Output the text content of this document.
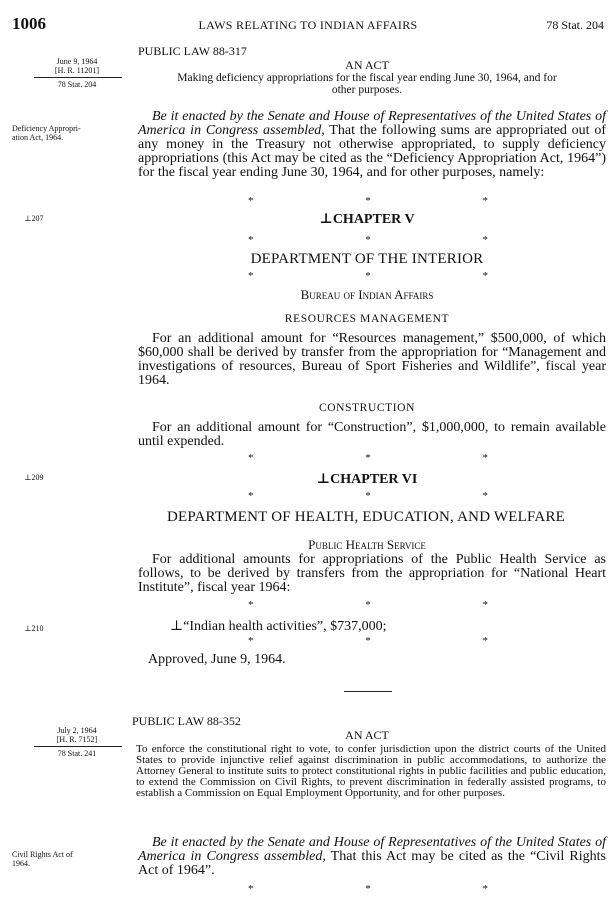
1006	LAWS RELATING TO INDIAN AFFAIRS	78 Stat. 204
June 9, 1964
[H. R. 11201]
78 Stat. 204
PUBLIC LAW 88-317
AN ACT
Making deficiency appropriations for the fiscal year ending June 30, 1964, and for
other purposes.
Deficiency Appropri-
ation Act, 1964.
Be it enacted by the Senate and House of Representatives of the United States of America in Congress assembled, That the following sums are appropriated out of any money in the Treasury not otherwise appropriated, to supply deficiency appropriations (this Act may be cited as the “Deficiency Appropriation Act, 1964”) for the fiscal year ending June 30, 1964, and for other purposes, namely:
*	*	*
⊥207	⊥CHAPTER V
*	*	*
DEPARTMENT OF THE INTERIOR
*	*	*
Bureau of Indian Affairs
RESOURCES MANAGEMENT
For an additional amount for “Resources management,” $500,000, of which $60,000 shall be derived by transfer from the appropriation for “Management and investigations of resources, Bureau of Sport Fisheries and Wildlife”, fiscal year 1964.
CONSTRUCTION
For an additional amount for “Construction”, $1,000,000, to remain available until expended.
*	*	*
⊥209	⊥CHAPTER VI
*	*	*
DEPARTMENT OF HEALTH, EDUCATION, AND WELFARE
Public Health Service
For additional amounts for appropriations of the Public Health Service as follows, to be derived by transfers from the appropriation for “National Heart Institute”, fiscal year 1964:
*	*	*
⊥210	⊥“Indian health activities”, $737,000;
*	*	*
Approved, June 9, 1964.
July 2, 1964
[H. R. 7152]
78 Stat. 241
PUBLIC LAW 88-352
AN ACT
To enforce the constitutional right to vote, to confer jurisdiction upon the district courts of the United States to provide injunctive relief against discrimination in public accommodations, to authorize the Attorney General to institute suits to protect constitutional rights in public facilities and public education, to extend the Commission on Civil Rights, to prevent discrimination in federally assisted programs, to establish a Commission on Equal Employment Opportunity, and for other purposes.
Civil Rights Act of
1964.
Be it enacted by the Senate and House of Representatives of the United States of America in Congress assembled, That this Act may be cited as the “Civil Rights Act of 1964”.
*	*	*
